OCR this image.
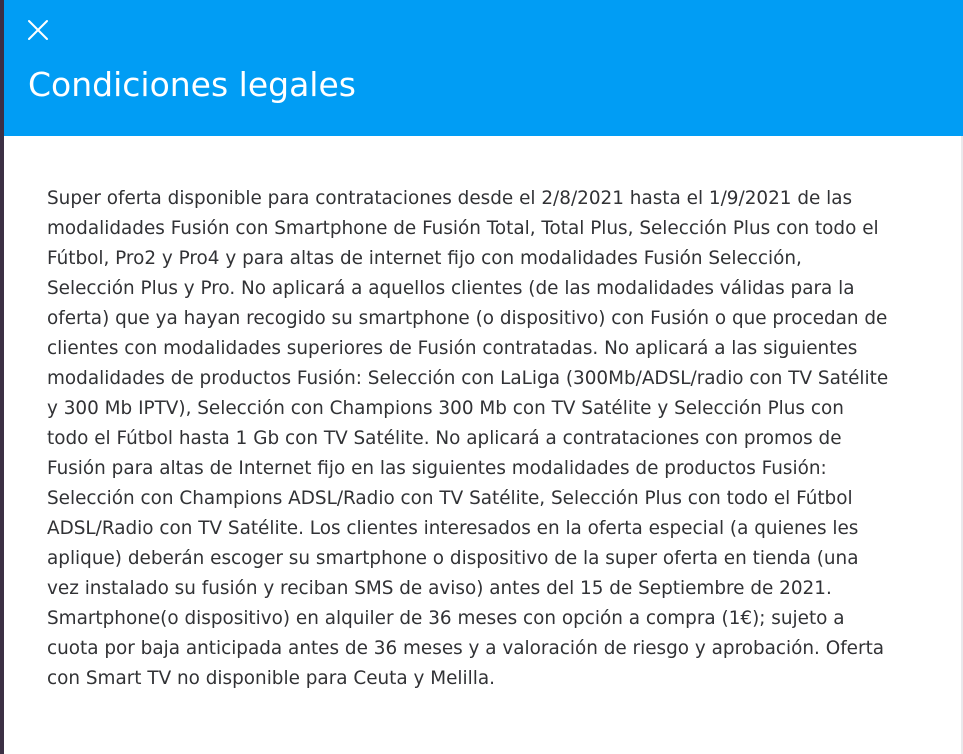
Condiciones legales

Super oferta disponible para contrataciones desde el 2/8/2021 hasta el 1/9/2021 de las modalidades Fusión con Smartphone de Fusión Total, Total Plus, Selección Plus con todo el Fútbol, Pro2 y Pro4 y para altas de internet fijo con modalidades Fusión Selección, Selección Plus y Pro. No aplicará a aquellos clientes (de las modalidades válidas para la oferta) que ya hayan recogido su smartphone (o dispositivo) con Fusión o que procedan de clientes con modalidades superiores de Fusión contratadas. No aplicará a las siguientes modalidades de productos Fusión: Selección con LaLiga (300Mb/ADSL/radio con TV Satélite y 300 Mb IPTV), Selección con Champions 300 Mb con TV Satélite y Selección Plus con todo el Fútbol hasta 1 Gb con TV Satélite. No aplicará a contrataciones con promos de Fusión para altas de Internet fijo en las siguientes modalidades de productos Fusión: Selección con Champions ADSL/Radio con TV Satélite, Selección Plus con todo el Fútbol ADSL/Radio con TV Satélite. Los clientes interesados en la oferta especial (a quienes les aplique) deberán escoger su smartphone o dispositivo de la super oferta en tienda (una vez instalado su fusión y reciban SMS de aviso) antes del 15 de Septiembre de 2021. Smartphone(o dispositivo) en alquiler de 36 meses con opción a compra (1€); sujeto a cuota por baja anticipada antes de 36 meses y a valoración de riesgo y aprobación. Oferta con Smart TV no disponible para Ceuta y Melilla.
